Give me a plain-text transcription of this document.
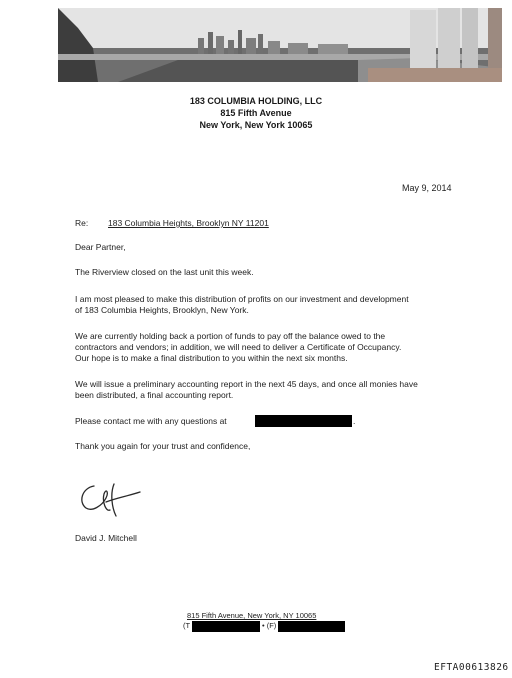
183 COLUMBIA HOLDING, LLC
815 Fifth Avenue
New York, New York 10065
May 9, 2014
Re: 183 Columbia Heights, Brooklyn NY 11201
Dear Partner,
The Riverview closed on the last unit this week.
I am most pleased to make this distribution of profits on our investment and development
of 183 Columbia Heights, Brooklyn, New York.
We are currently holding back a portion of funds to pay off the balance owed to the
contractors and vendors; in addition, we will need to deliver a Certificate of Occupancy.
Our hope is to make a final distribution to you within the next six months.
We will issue a preliminary accounting report in the next 45 days, and once all monies have
been distributed, a final accounting report.
Please contact me with any questions at	.
Thank you again for your trust and confidence,
David J. Mitchell
815 Fifth Avenue, New York, NY 10065
(T	• (F)
EFTA00613826
